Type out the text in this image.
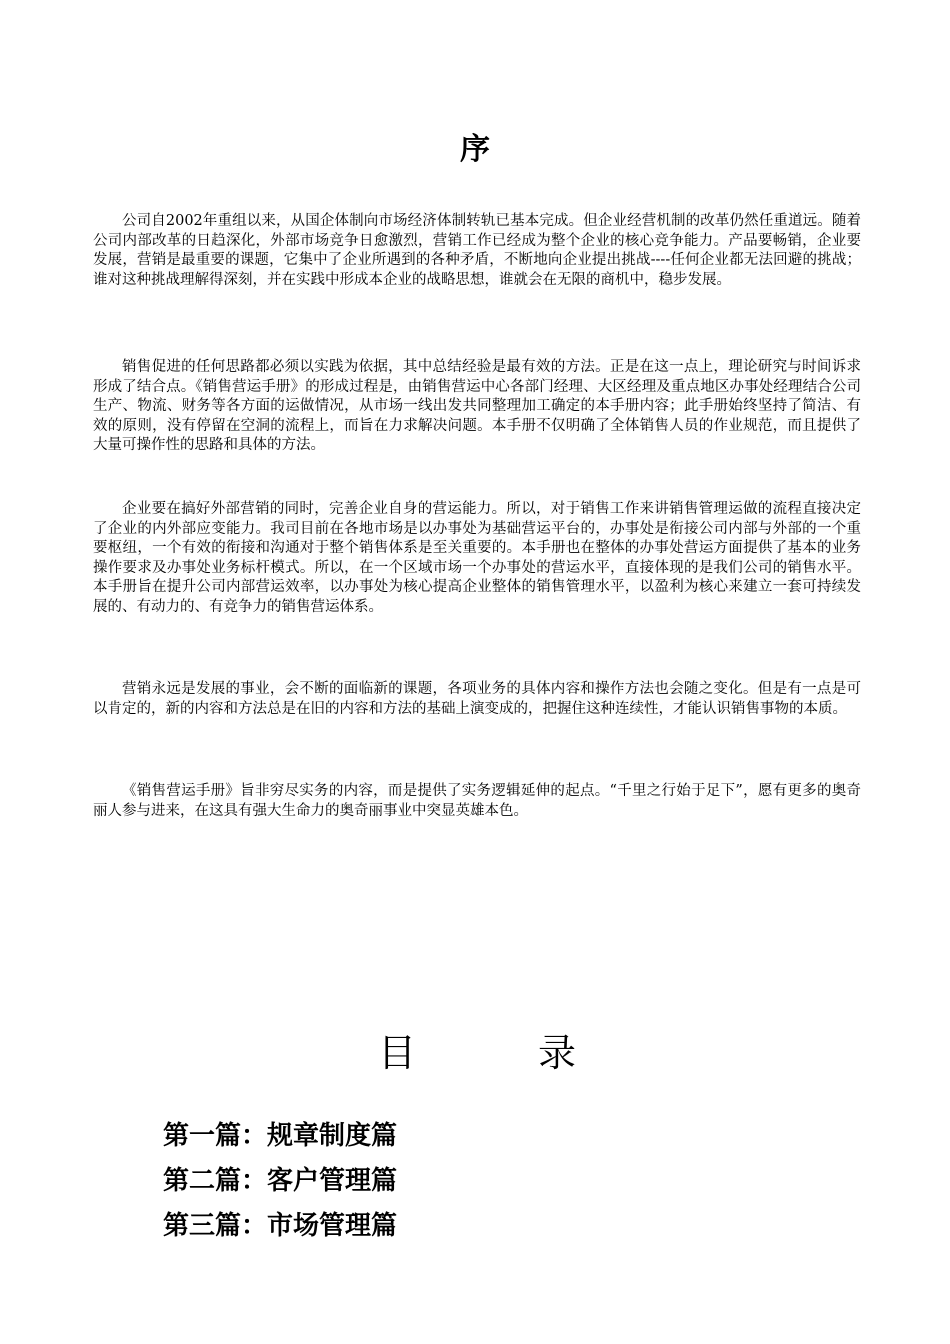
序

公司自2002年重组以来，从国企体制向市场经济体制转轨已基本完成。但企业经营机制的改革仍然任重道远。随着公司内部改革的日趋深化，外部市场竞争日愈激烈，营销工作已经成为整个企业的核心竞争能力。产品要畅销，企业要发展，营销是最重要的课题，它集中了企业所遇到的各种矛盾，不断地向企业提出挑战----任何企业都无法回避的挑战；谁对这种挑战理解得深刻，并在实践中形成本企业的战略思想，谁就会在无限的商机中，稳步发展。

销售促进的任何思路都必须以实践为依据，其中总结经验是最有效的方法。正是在这一点上，理论研究与时间诉求形成了结合点。《销售营运手册》的形成过程是，由销售营运中心各部门经理、大区经理及重点地区办事处经理结合公司生产、物流、财务等各方面的运做情况，从市场一线出发共同整理加工确定的本手册内容；此手册始终坚持了简洁、有效的原则，没有停留在空洞的流程上，而旨在力求解决问题。本手册不仅明确了全体销售人员的作业规范，而且提供了大量可操作性的思路和具体的方法。

企业要在搞好外部营销的同时，完善企业自身的营运能力。所以，对于销售工作来讲销售管理运做的流程直接决定了企业的内外部应变能力。我司目前在各地市场是以办事处为基础营运平台的，办事处是衔接公司内部与外部的一个重要枢纽，一个有效的衔接和沟通对于整个销售体系是至关重要的。本手册也在整体的办事处营运方面提供了基本的业务操作要求及办事处业务标杆模式。所以，在一个区域市场一个办事处的营运水平，直接体现的是我们公司的销售水平。本手册旨在提升公司内部营运效率，以办事处为核心提高企业整体的销售管理水平，以盈利为核心来建立一套可持续发展的、有动力的、有竞争力的销售营运体系。

营销永远是发展的事业，会不断的面临新的课题，各项业务的具体内容和操作方法也会随之变化。但是有一点是可以肯定的，新的内容和方法总是在旧的内容和方法的基础上演变成的，把握住这种连续性，才能认识销售事物的本质。

《销售营运手册》旨非穷尽实务的内容，而是提供了实务逻辑延伸的起点。“千里之行始于足下”，愿有更多的奥奇丽人参与进来，在这具有强大生命力的奥奇丽事业中突显英雄本色。

目	录
第一篇：规章制度篇
第二篇：客户管理篇
第三篇：市场管理篇
